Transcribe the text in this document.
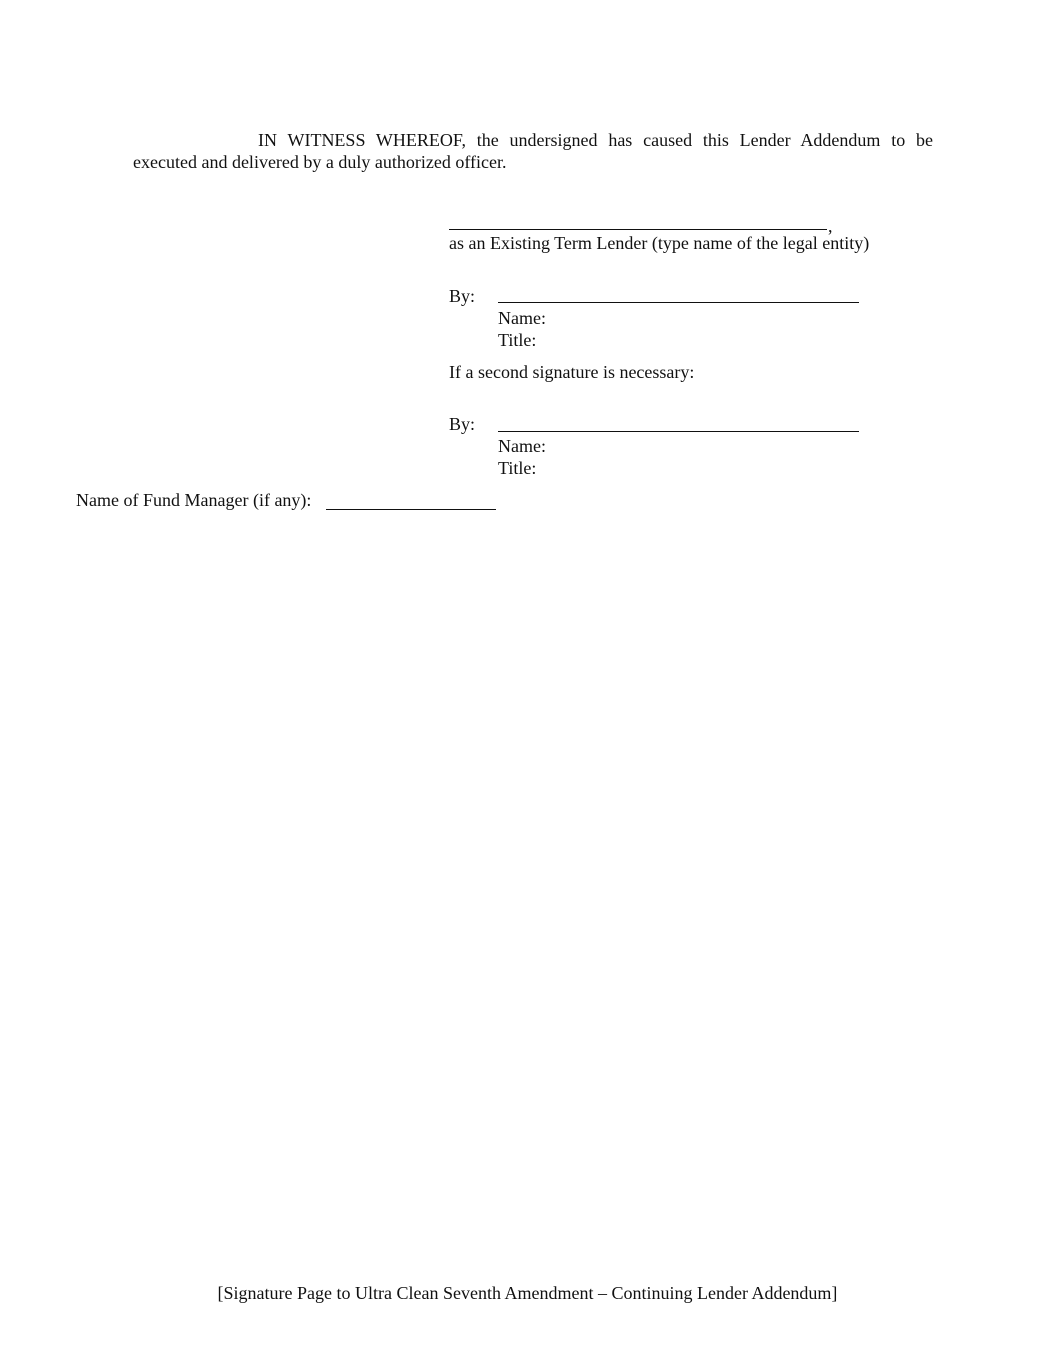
IN WITNESS WHEREOF, the undersigned has caused this Lender Addendum to be
executed and delivered by a duly authorized officer.
,
as an Existing Term Lender (type name of the legal entity)
By:
Name:
Title:
If a second signature is necessary:
By:
Name:
Title:
Name of Fund Manager (if any):
[Signature Page to Ultra Clean Seventh Amendment – Continuing Lender Addendum]
